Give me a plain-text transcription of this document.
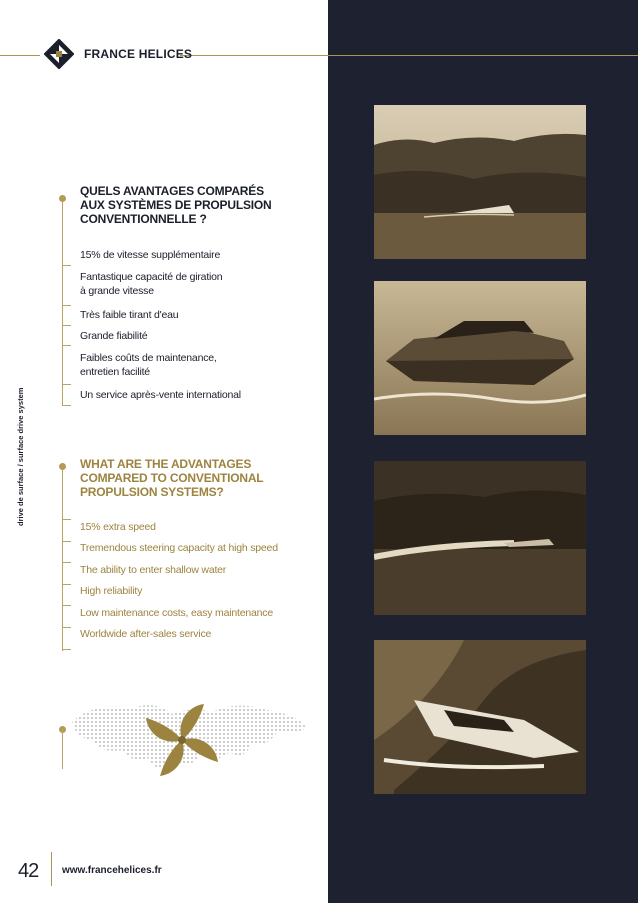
FRANCE HELICES
drive de surface / surface drive system
QUELS AVANTAGES COMPARÉS
AUX SYSTÈMES DE PROPULSION
CONVENTIONNELLE ?
15% de vitesse supplémentaire
Fantastique capacité de giration
à grande vitesse
Très faible tirant d'eau
Grande fiabilité
Faibles coûts de maintenance,
entretien facilité
Un service après-vente international
WHAT ARE THE ADVANTAGES
COMPARED TO CONVENTIONAL
PROPULSION SYSTEMS?
15% extra speed
Tremendous steering capacity at high speed
The ability to enter shallow water
High reliability
Low maintenance costs, easy maintenance
Worldwide after-sales service
42 www.francehelices.fr
